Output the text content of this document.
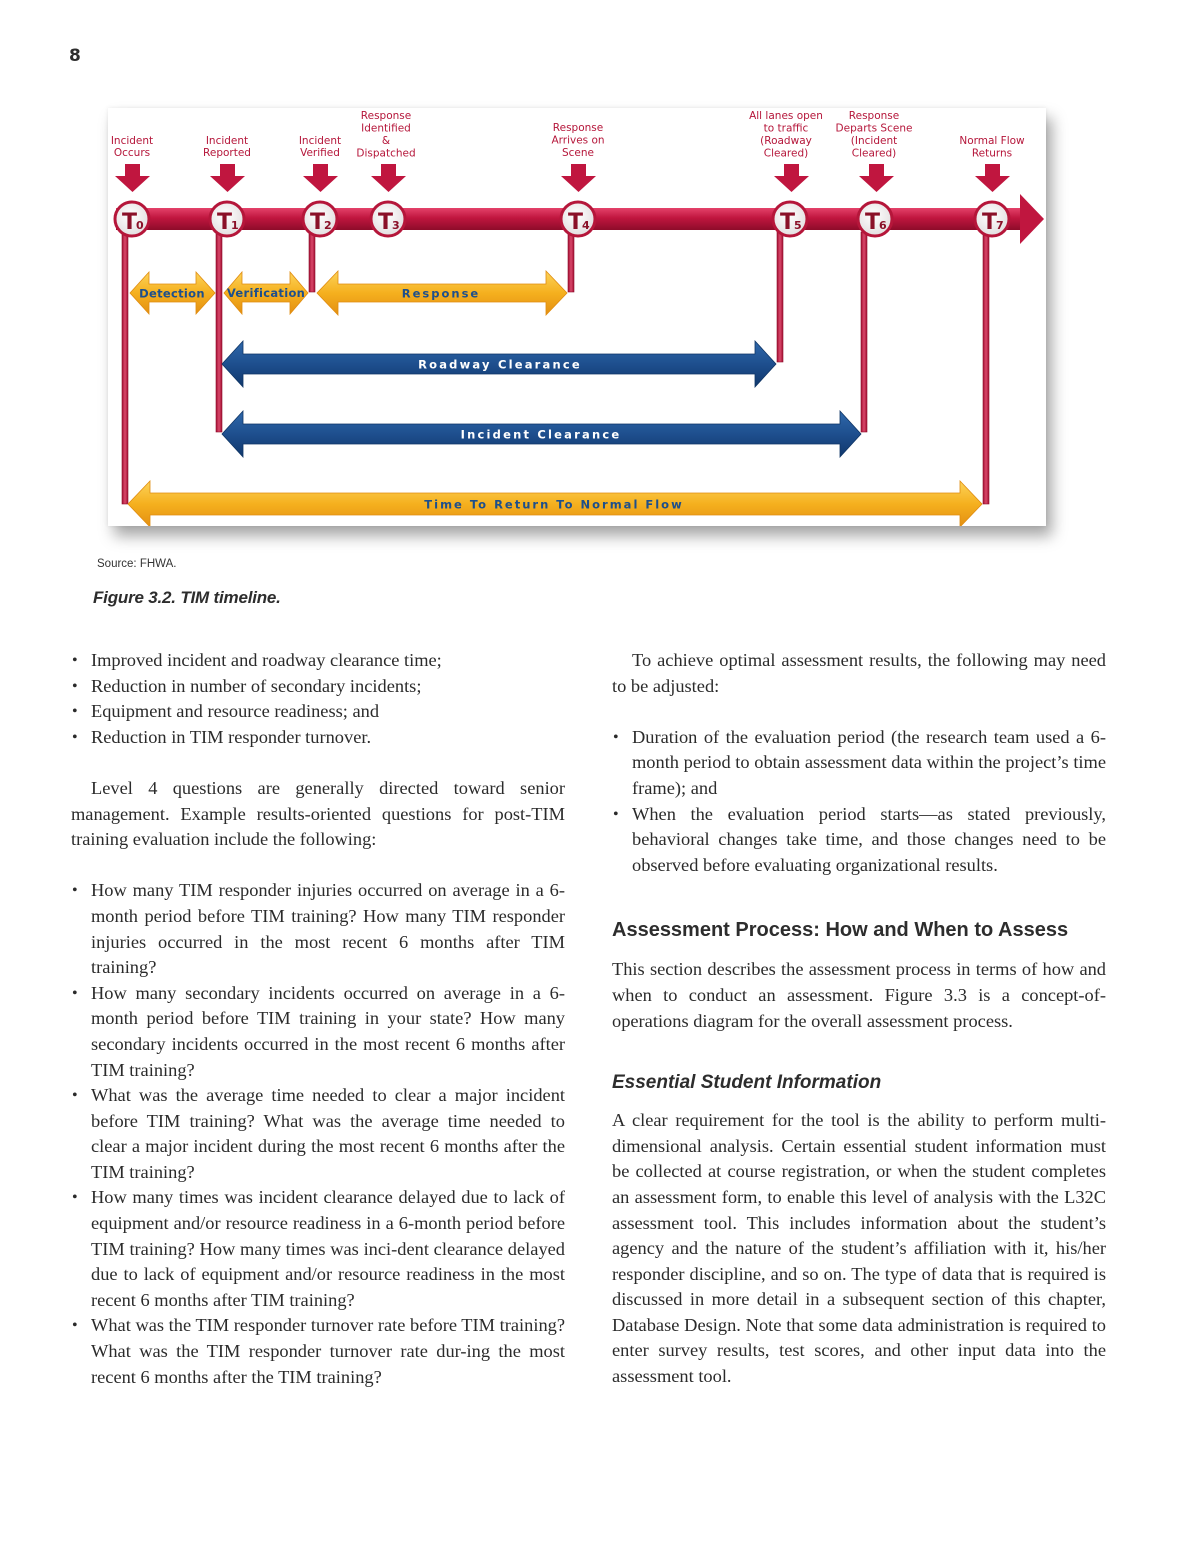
8
Incident Occurs
Incident Reported
Incident Verified
Response Identified & Dispatched
Response Arrives on Scene
All lanes open to traffic (Roadway Cleared)
Response Departs Scene (Incident Cleared)
Normal Flow Returns
T
0	T
1	T
2 T
3	T
4	T
5	T
6	T
7
Detection Verification	Response
Roadway Clearance
Incident Clearance
Time To Return To Normal Flow
Source: FHWA.
Figure 3.2. TIM timeline.
• Improved incident and roadway clearance time;
• Reduction in number of secondary incidents;
• Equipment and resource readiness; and
• Reduction in TIM responder turnover.

Level 4 questions are generally directed toward senior management. Example results-oriented questions for post-TIM training evaluation include the following:

• How many TIM responder injuries occurred on average in a 6-month period before TIM training? How many TIM responder injuries occurred in the most recent 6 months after TIM training?
• How many secondary incidents occurred on average in a 6-month period before TIM training in your state? How many secondary incidents occurred in the most recent 6 months after TIM training?
• What was the average time needed to clear a major incident before TIM training? What was the average time needed to clear a major incident during the most recent 6 months after the TIM training?
• How many times was incident clearance delayed due to lack of equipment and/or resource readiness in a 6-month period before TIM training? How many times was inci-dent clearance delayed due to lack of equipment and/or resource readiness in the most recent 6 months after TIM training?
• What was the TIM responder turnover rate before TIM training? What was the TIM responder turnover rate dur-ing the most recent 6 months after the TIM training?

To achieve optimal assessment results, the following may need to be adjusted:

• Duration of the evaluation period (the research team used a 6-month period to obtain assessment data within the project’s time frame); and
• When the evaluation period starts—as stated previously, behavioral changes take time, and those changes need to be observed before evaluating organizational results.
Assessment Process: How and When to Assess

This section describes the assessment process in terms of how and when to conduct an assessment. Figure 3.3 is a concept-of-operations diagram for the overall assessment process.

Essential Student Information

A clear requirement for the tool is the ability to perform multi-dimensional analysis. Certain essential student information must be collected at course registration, or when the student completes an assessment form, to enable this level of analysis with the L32C assessment tool. This includes information about the student’s agency and the nature of the student’s affiliation with it, his/her responder discipline, and so on. The type of data that is required is discussed in more detail in a subsequent section of this chapter, Database Design. Note that some data administration is required to enter survey results, test scores, and other input data into the assessment tool.
